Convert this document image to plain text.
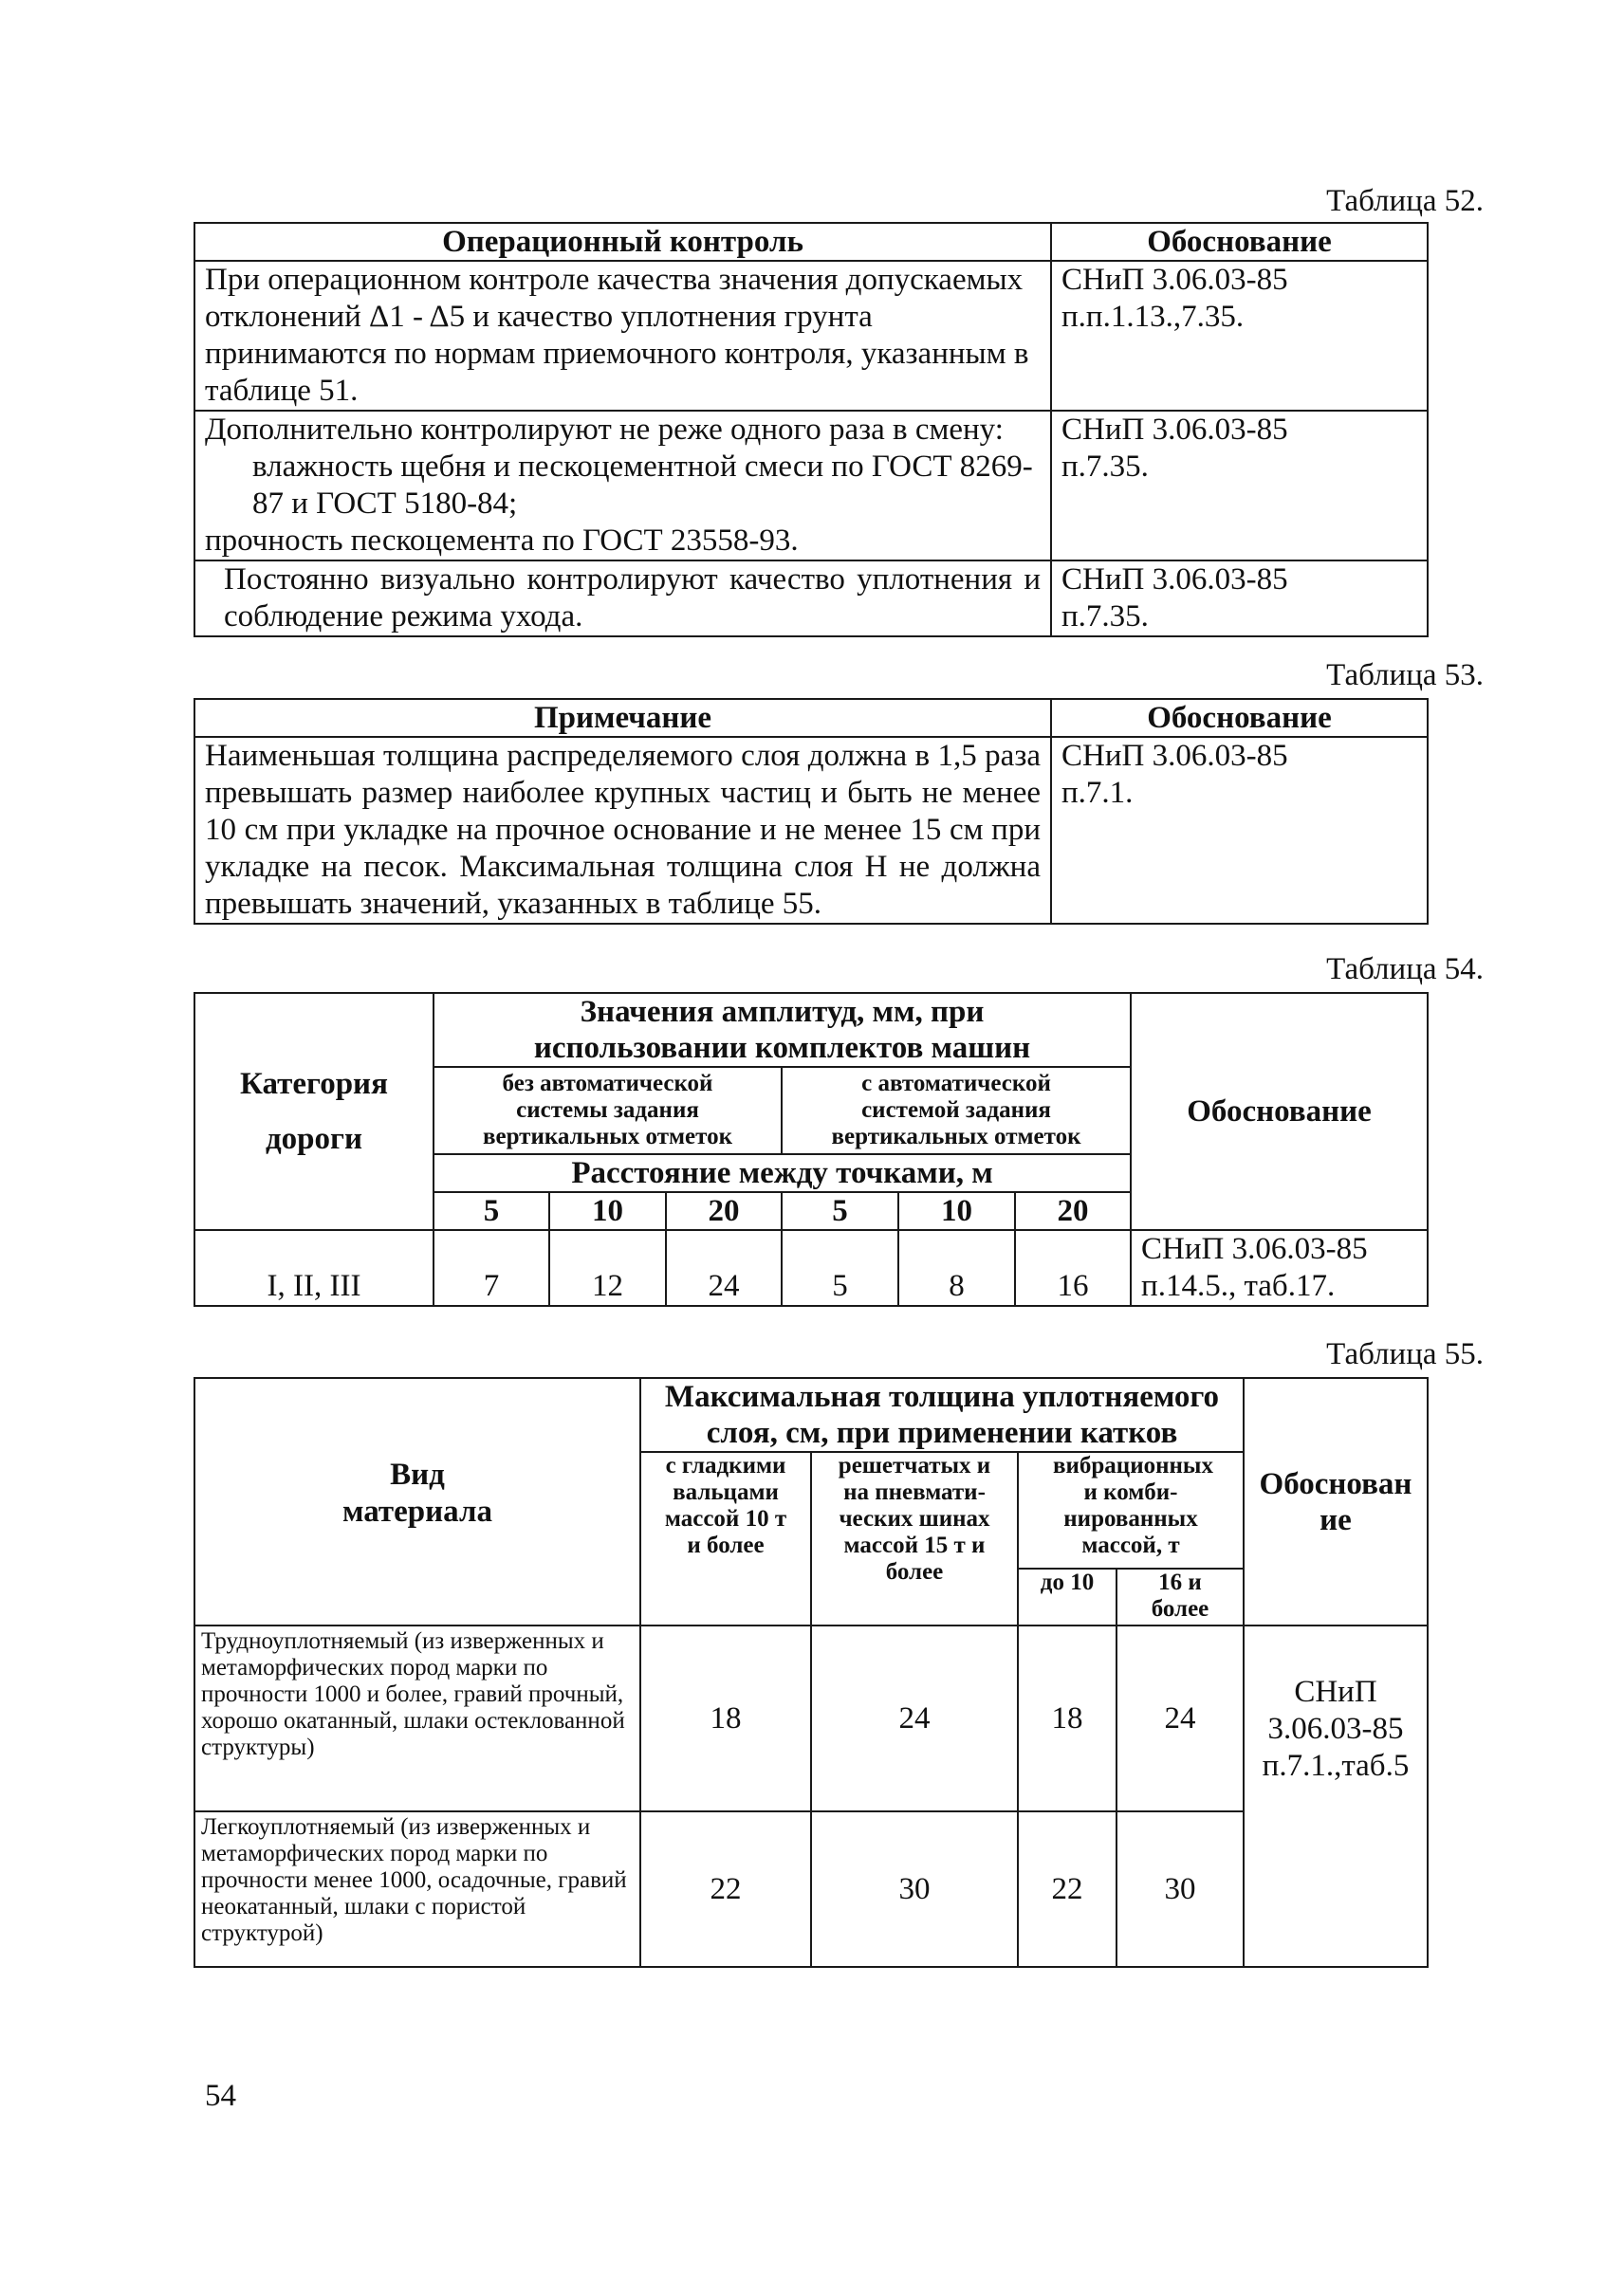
Таблица 52.
Операционный контроль	Обоснование
При операционном контроле качества значения допускаемых отклонений Δ1 - Δ5 и качество уплотнения грунта принимаются по нормам приемочного контроля, указанным в таблице 51.	СНиП 3.06.03-85
п.п.1.13.,7.35.

Дополнительно контролируют не реже одного раза в смену:
влажность щебня и пескоцементной смеси по ГОСТ 8269-87 и ГОСТ 5180-84;
прочность пескоцемента по ГОСТ 23558-93.	СНиП 3.06.03-85
п.7.35.

Постоянно визуально контролируют качество уплотнения и соблюдение режима ухода.	СНиП 3.06.03-85
п.7.35.
Таблица 53.
Примечание	Обоснование
Наименьшая толщина распределяемого слоя должна в 1,5 раза превышать размер наиболее крупных частиц и быть не менее 10 см при укладке на прочное основание и не менее 15 см при укладке на песок. Максимальная толщина слоя Н не должна превышать значений, указанных в таблице 55.	СНиП 3.06.03-85
п.7.1.
Таблица 54.
Категория
дороги	Значения амплитуд, мм, при использовании комплектов машин						Обоснование
	без автоматической системы задания вертикальных отметок			с автоматической системой задания вертикальных отметок			
	Расстояние между точками, м						
	5	10	20	5	10	20	
I, II, III	7	12	24	5	8	16	СНиП 3.06.03-85
п.14.5., таб.17.
Таблица 55.
Вид
материала	Максимальная толщина уплотняемого слоя, см, при применении катков				Обоснован ие

	с гладкими вальцами массой 10 т
и более	решетчатых и на пневмати-ческих шинах массой 15 т и более	вибрационных и комби-нированных массой, т		
			до 10	16 и более	
Трудноуплотняемый (из изверженных и метаморфических пород марки по прочности 1000 и более, гравий прочный, хорошо окатанный, шлаки остеклованной структуры)	18	24	18	24	СНиП
3.06.03-85
п.7.1.,таб.5

Легкоуплотняемый (из изверженных и метаморфических пород марки по прочности менее 1000, осадочные, гравий неокатанный, шлаки с пористой структурой)	22	30	22	30	
54
